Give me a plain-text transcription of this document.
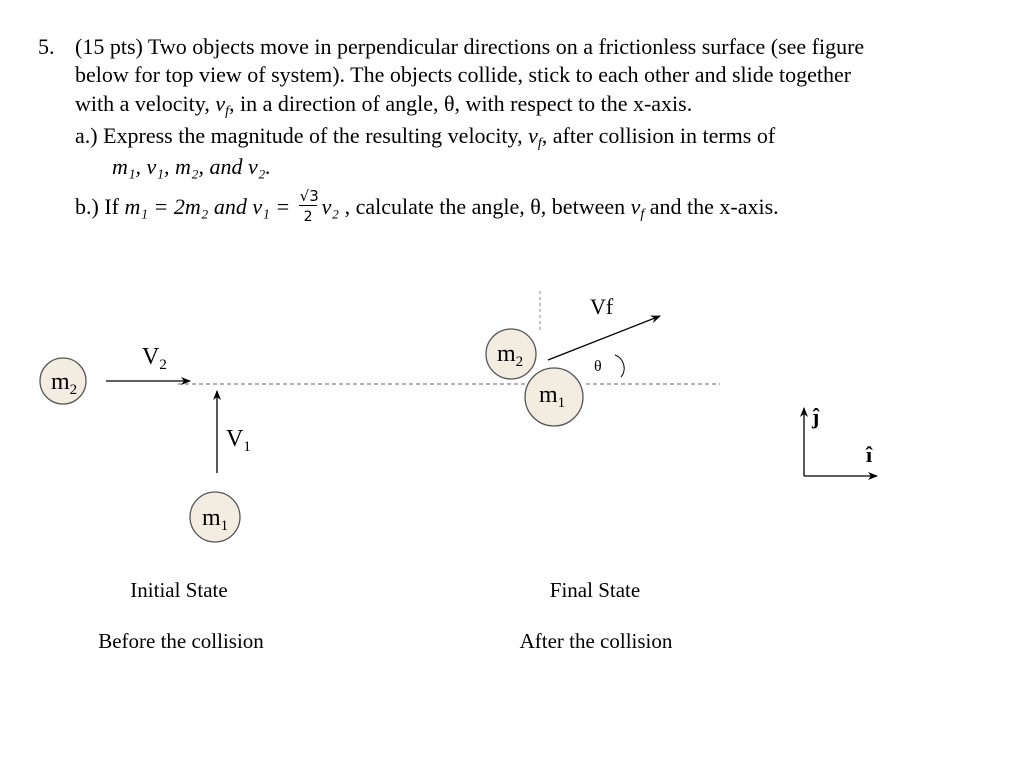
5. (15 pts) Two objects move in perpendicular directions on a frictionless surface (see figure
below for top view of system). The objects collide, stick to each other and slide together
with a velocity, $v_f$, in a direction of angle, θ, with respect to the x-axis.
a.) Express the magnitude of the resulting velocity, $v_f$, after collision in terms of
m₁, v₁, m₂, and v₂.
b.) If m₁ = 2m₂ and v₁ = √3
2 v₂ , calculate the angle, θ, between $v_f$ and the x-axis.
$m_2$
$V_2$
$V_1$
$m_1$
Initial State
Before the collision
$m_2$
$m_1$
Vf
θ
Final State
After the collision
ĵ
î
